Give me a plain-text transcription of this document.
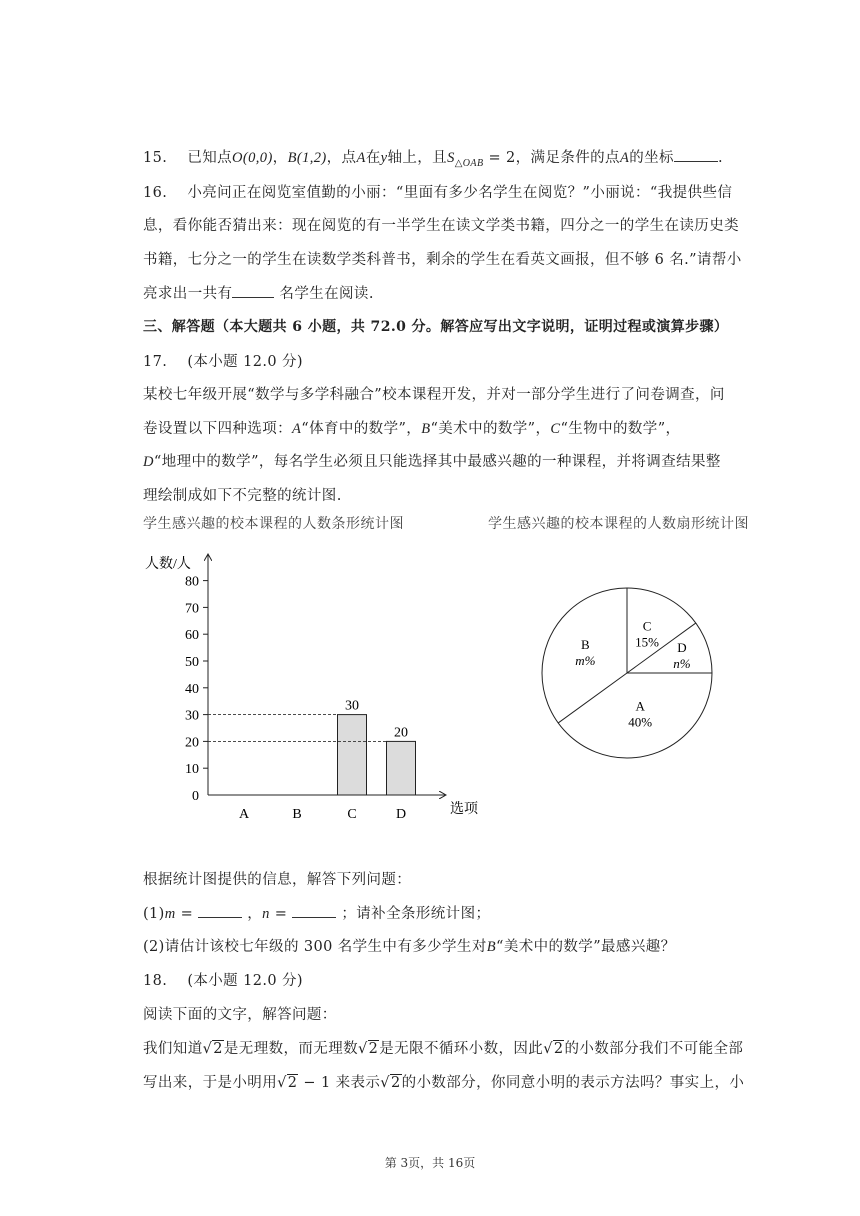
15. 已知点O(0,0)，B(1,2)，点A在y轴上，且$S_{\triangle OAB} = 2$，满足条件的点A的坐标	.
16. 小亮问正在阅览室值勤的小丽：“里面有多少名学生在阅览？”小丽说：“我提供些信
息，看你能否猜出来：现在阅览的有一半学生在读文学类书籍，四分之一的学生在读历史类
书籍，七分之一的学生在读数学类科普书，剩余的学生在看英文画报，但不够 6 名.”请帮小
亮求出一共有	名学生在阅读.
三、解答题（本大题共 6 小题，共 72.0 分。解答应写出文字说明，证明过程或演算步骤）
17. (本小题 12.0 分)
某校七年级开展“数学与多学科融合”校本课程开发，并对一部分学生进行了问卷调查，问
卷设置以下四种选项：A“体育中的数学”，B“美术中的数学”，C“生物中的数学”，
D“地理中的数学”，每名学生必须且只能选择其中最感兴趣的一种课程，并将调查结果整
理绘制成如下不完整的统计图.
学生感兴趣的校本课程的人数条形统计图	学生感兴趣的校本课程的人数扇形统计图
人数/人
选项
0
10
20
30
40
50
60
70
80
A	B	C	D
30
20
C
15% D
n%
A
40%
B
m%
根据统计图提供的信息，解答下列问题：
(1)m =	，n =	；请补全条形统计图；
(2)请估计该校七年级的 300 名学生中有多少学生对B“美术中的数学”最感兴趣？
18. (本小题 12.0 分)
阅读下面的文字，解答问题：
我们知道√2是无理数，而无理数√2是无限不循环小数，因此√2的小数部分我们不可能全部
写出来，于是小明用√2 − 1 来表示√2的小数部分，你同意小明的表示方法吗？事实上，小
第 3页，共 16页
